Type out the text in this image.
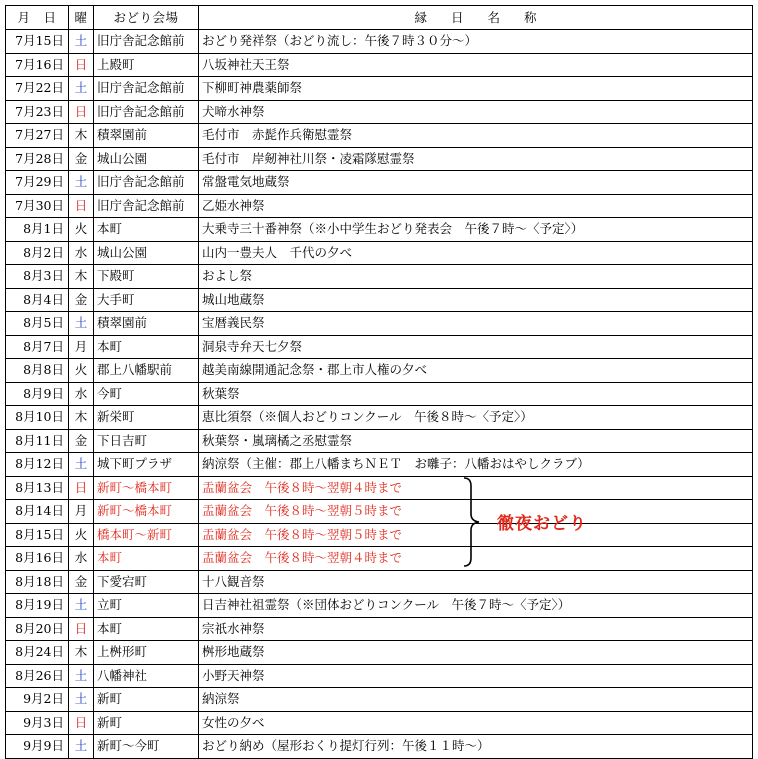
月　日	曜	おどり会場	縁日名称
7月15日	土	旧庁舎記念館前	おどり発祥祭（おどり流し：午後７時３０分〜）
7月16日	日	上殿町	八坂神社天王祭
7月22日	土	旧庁舎記念館前	下柳町神農薬師祭
7月23日	日	旧庁舎記念館前	犬啼水神祭
7月27日	木	積翠園前	毛付市　赤髭作兵衛慰霊祭
7月28日	金	城山公園	毛付市　岸剱神社川祭・凌霜隊慰霊祭
7月29日	土	旧庁舎記念館前	常盤電気地蔵祭
7月30日	日	旧庁舎記念館前	乙姫水神祭
8月1日	火	本町	大乗寺三十番神祭（※小中学生おどり発表会　午後７時〜〈予定〉）
8月2日	水	城山公園	山内一豊夫人　千代の夕べ
8月3日	木	下殿町	およし祭
8月4日	金	大手町	城山地蔵祭
8月5日	土	積翠園前	宝暦義民祭
8月7日	月	本町	洞泉寺弁天七夕祭
8月8日	火	郡上八幡駅前	越美南線開通記念祭・郡上市人権の夕べ
8月9日	水	今町	秋葉祭
8月10日	木	新栄町	恵比須祭（※個人おどりコンクール　午後８時〜〈予定〉）
8月11日	金	下日吉町	秋葉祭・嵐璃橘之丞慰霊祭
8月12日	土	城下町プラザ	納涼祭（主催：郡上八幡まちＮＥＴ　お囃子：八幡おはやしクラブ）
8月13日	日	新町〜橋本町	盂蘭盆会　午後８時〜翌朝４時まで
8月14日	月	新町〜橋本町	盂蘭盆会　午後８時〜翌朝５時まで
8月15日	火	橋本町〜新町	盂蘭盆会　午後８時〜翌朝５時まで
8月16日	水	本町	盂蘭盆会　午後８時〜翌朝４時まで
8月18日	金	下愛宕町	十八観音祭
8月19日	土	立町	日吉神社祖霊祭（※団体おどりコンクール　午後７時〜〈予定〉）
8月20日	日	本町	宗祇水神祭
8月24日	木	上桝形町	桝形地蔵祭
8月26日	土	八幡神社	小野天神祭
9月2日	土	新町	納涼祭
9月3日	日	新町	女性の夕べ
9月9日	土	新町〜今町	おどり納め（屋形おくり提灯行列：午後１１時〜）
徹夜おどり
